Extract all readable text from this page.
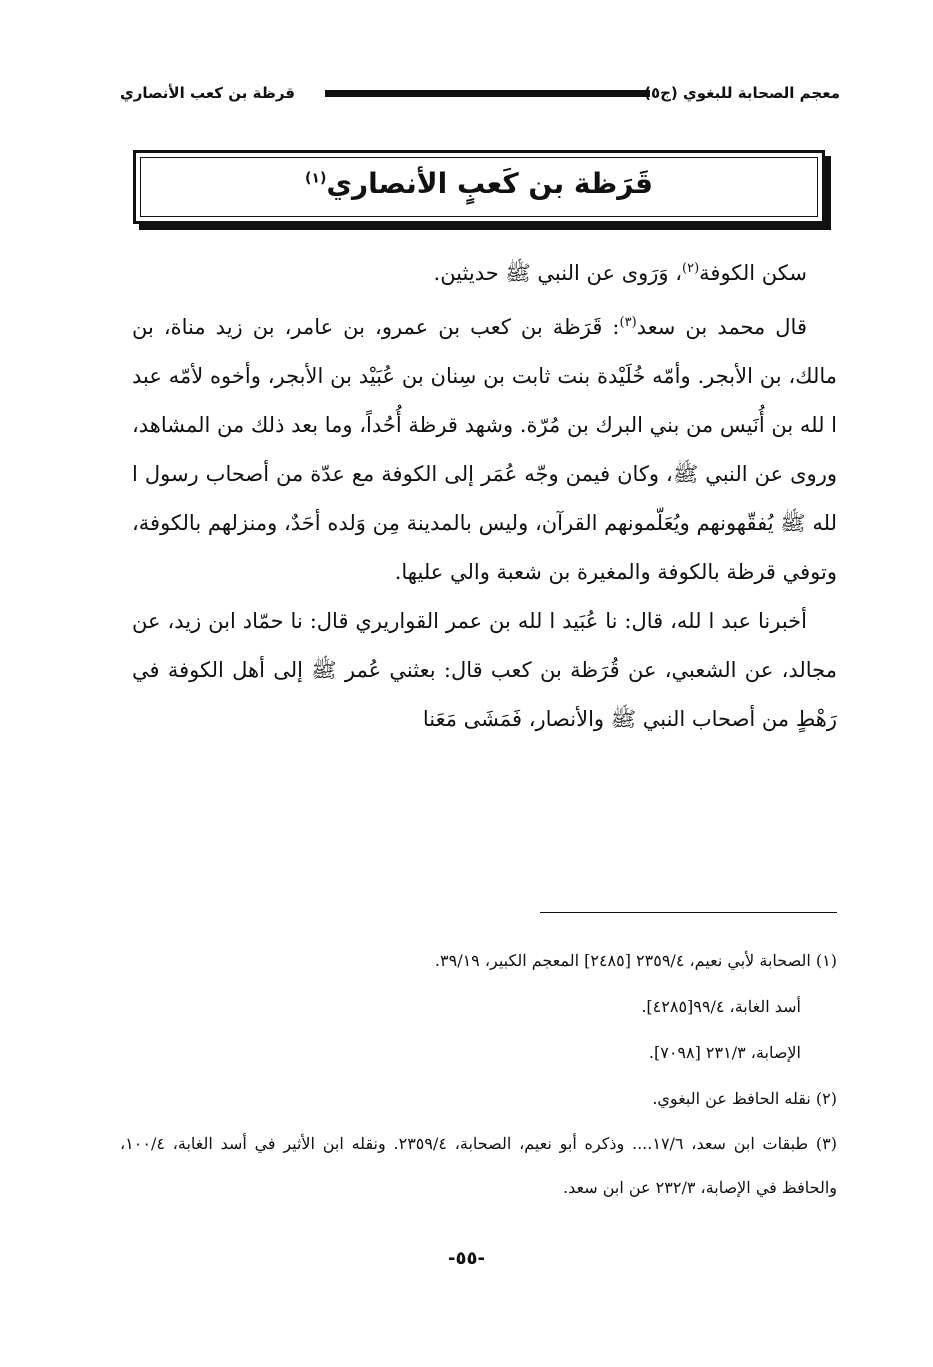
معجم الصحابة للبغوي (ج٥
قرظة بن كعب الأنصاري
قَرَظة بن كَعبٍ الأنصاري$^{(١)}$

سكن الكوفة$^{(٢)}$، وَرَوى عن النبي ﷺ حديثين.

قال محمد بن سعد$^{(٣)}$: قَرَظة بن كعب بن عمرو، بن عامر، بن زيد مناة، بن مالك، بن الأبجر. وأمّه خُلَيْدة بنت ثابت بن سِنان بن عُبَيْد بن الأبجر، وأخوه لأمّه عبد ا لله بن أُنَيس من بني البرك بن مُرّة. وشهد قرظة أُحُداً، وما بعد ذلك من المشاهد، وروى عن النبي ﷺ، وكان فيمن وجّه عُمَر إلى الكوفة مع عدّة من أصحاب رسول ا لله ﷺ يُفقّهونهم ويُعَلّمونهم القرآن، وليس بالمدينة مِن وَلده أحَدٌ، ومنزلهم بالكوفة، وتوفي قرظة بالكوفة والمغيرة بن شعبة والي عليها.

أخبرنا عبد ا لله، قال: نا عُبَيد ا لله بن عمر القواريري قال: نا حمّاد ابن زيد، عن مجالد، عن الشعبي، عن قُرَظة بن كعب قال: بعثني عُمر ﷺ إلى أهل الكوفة في رَهْطٍ من أصحاب النبي ﷺ والأنصار، فَمَشَى مَعَنا

(١) الصحابة لأبي نعيم، ٢٣٥٩/٤ [٢٤٨٥] المعجم الكبير، ٣٩/١٩.
أسد الغابة، ٩٩/٤[٤٢٨٥].
الإصابة، ٢٣١/٣ [٧٠٩٨].
(٢) نقله الحافظ عن البغوي.
(٣) طبقات ابن سعد، ١٧/٦.... وذكره أبو نعيم، الصحابة، ٢٣٥٩/٤. ونقله ابن الأثير في أسد الغابة، ١٠٠/٤، والحافظ في الإصابة، ٢٣٢/٣ عن ابن سعد.
-٥٥-
